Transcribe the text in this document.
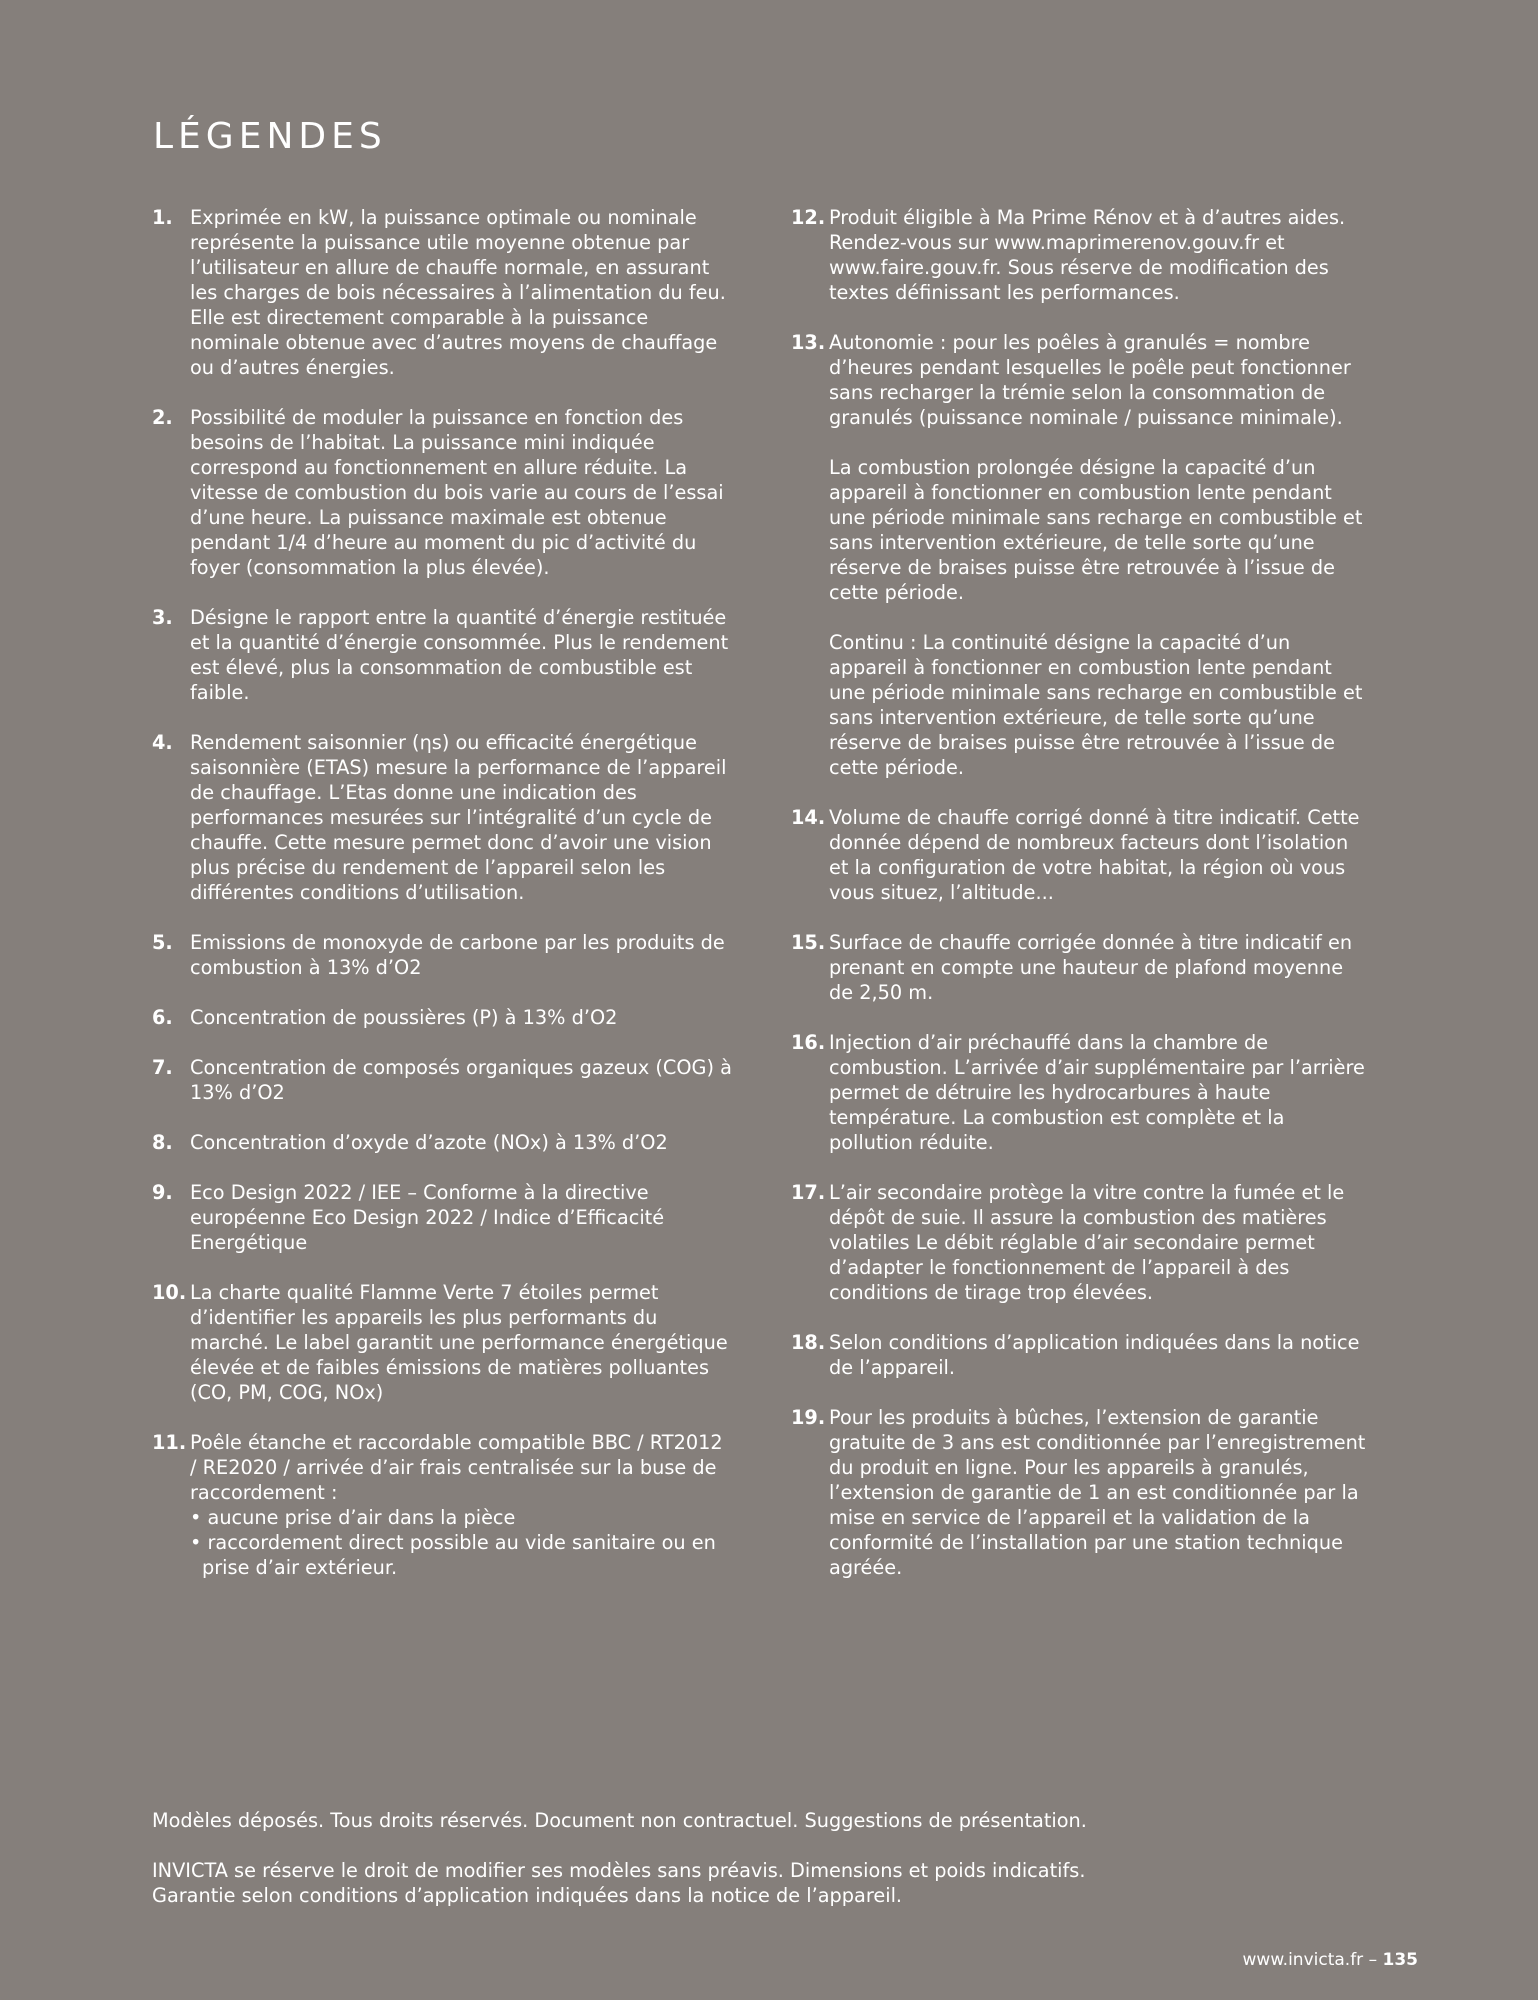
LÉGENDES
1. Exprimée en kW, la puissance optimale ou nominale représente la puissance utile moyenne obtenue par l’utilisateur en allure de chauffe normale, en assurant les charges de bois nécessaires à l’alimentation du feu. Elle est directement comparable à la puissance nominale obtenue avec d’autres moyens de chauffage ou d’autres énergies.

2. Possibilité de moduler la puissance en fonction des besoins de l’habitat. La puissance mini indiquée correspond au fonctionnement en allure réduite. La vitesse de combustion du bois varie au cours de l’essai d’une heure. La puissance maximale est obtenue pendant 1/4 d’heure au moment du pic d’activité du foyer (consommation la plus élevée).

3. Désigne le rapport entre la quantité d’énergie restituée et la quantité d’énergie consommée. Plus le rendement est élevé, plus la consommation de combustible est faible.

4. Rendement saisonnier (ηs) ou efficacité énergétique saisonnière (ETAS) mesure la performance de l’appareil de chauffage. L’Etas donne une indication des performances mesurées sur l’intégralité d’un cycle de chauffe. Cette mesure permet donc d’avoir une vision plus précise du rendement de l’appareil selon les différentes conditions d’utilisation.

5. Emissions de monoxyde de carbone par les produits de combustion à 13% d’O2

6. Concentration de poussières (P) à 13% d’O2

7. Concentration de composés organiques gazeux (COG) à 13% d’O2

8. Concentration d’oxyde d’azote (NOx) à 13% d’O2

9. Eco Design 2022 / IEE – Conforme à la directive européenne Eco Design 2022 / Indice d’Efficacité Energétique

10. La charte qualité Flamme Verte 7 étoiles permet d’identifier les appareils les plus performants du marché. Le label garantit une performance énergétique élevée et de faibles émissions de matières polluantes (CO, PM, COG, NOx)

11. Poêle étanche et raccordable compatible BBC / RT2012 / RE2020 / arrivée d’air frais centralisée sur la buse de raccordement :

• aucune prise d’air dans la pièce

• raccordement direct possible au vide sanitaire ou en prise d’air extérieur.

12. Produit éligible à Ma Prime Rénov et à d’autres aides. Rendez-vous sur www.maprimerenov.gouv.fr et www.faire.gouv.fr. Sous réserve de modification des textes définissant les performances.

13. Autonomie : pour les poêles à granulés = nombre d’heures pendant lesquelles le poêle peut fonctionner sans recharger la trémie selon la consommation de granulés (puissance nominale / puissance minimale).

La combustion prolongée désigne la capacité d’un appareil à fonctionner en combustion lente pendant une période minimale sans recharge en combustible et sans intervention extérieure, de telle sorte qu’une réserve de braises puisse être retrouvée à l’issue de cette période.

Continu : La continuité désigne la capacité d’un appareil à fonctionner en combustion lente pendant une période minimale sans recharge en combustible et sans intervention extérieure, de telle sorte qu’une réserve de braises puisse être retrouvée à l’issue de cette période.

14. Volume de chauffe corrigé donné à titre indicatif. Cette donnée dépend de nombreux facteurs dont l’isolation et la configuration de votre habitat, la région où vous vous situez, l’altitude...

15. Surface de chauffe corrigée donnée à titre indicatif en prenant en compte une hauteur de plafond moyenne de 2,50 m.

16. Injection d’air préchauffé dans la chambre de combustion. L’arrivée d’air supplémentaire par l’arrière permet de détruire les hydrocarbures à haute température. La combustion est complète et la pollution réduite.

17. L’air secondaire protège la vitre contre la fumée et le dépôt de suie. Il assure la combustion des matières volatiles Le débit réglable d’air secondaire permet d’adapter le fonctionnement de l’appareil à des conditions de tirage trop élevées.

18. Selon conditions d’application indiquées dans la notice de l’appareil.

19. Pour les produits à bûches, l’extension de garantie gratuite de 3 ans est conditionnée par l’enregistrement du produit en ligne. Pour les appareils à granulés, l’extension de garantie de 1 an est conditionnée par la mise en service de l’appareil et la validation de la conformité de l’installation par une station technique agréée.

Modèles déposés. Tous droits réservés. Document non contractuel. Suggestions de présentation.

INVICTA se réserve le droit de modifier ses modèles sans préavis. Dimensions et poids indicatifs.

Garantie selon conditions d’application indiquées dans la notice de l’appareil.

www.invicta.fr – 135
